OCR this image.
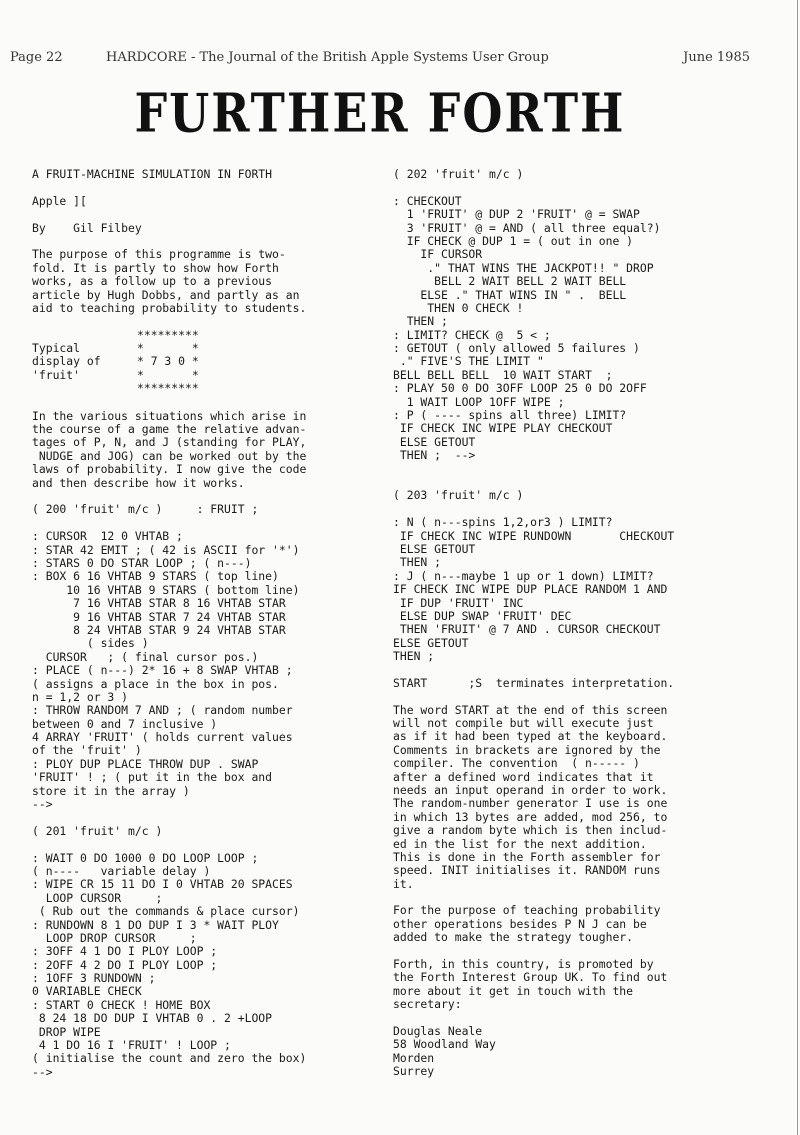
Page 22	HARDCORE - The Journal of the British Apple Systems User Group	June 1985
FURTHER FORTH
A FRUIT-MACHINE SIMULATION IN FORTH
Apple ][
By    Gil Filbey
The purpose of this programme is two-
fold. It is partly to show how Forth
works, as a follow up to a previous
article by Hugh Dobbs, and partly as an
aid to teaching probability to students.
Typical
display of
'fruit'
*********
*       *
* 7 3 0 *
*       *
*********
In the various situations which arise in
the course of a game the relative advan-
tages of P, N, and J (standing for PLAY,
NUDGE and JOG) can be worked out by the
laws of probability. I now give the code
and then describe how it works.
( 200 'fruit' m/c )     : FRUIT ;
: CURSOR  12 0 VHTAB ;
: STAR 42 EMIT ; ( 42 is ASCII for '*')
: STARS 0 DO STAR LOOP ; ( n---)
: BOX 6 16 VHTAB 9 STARS ( top line)
10 16 VHTAB 9 STARS ( bottom line)
7 16 VHTAB STAR 8 16 VHTAB STAR
9 16 VHTAB STAR 7 24 VHTAB STAR
8 24 VHTAB STAR 9 24 VHTAB STAR
( sides )
CURSOR   ; ( final cursor pos.)
: PLACE ( n---) 2* 16 + 8 SWAP VHTAB ;
( assigns a place in the box in pos.
n = 1,2 or 3 )
: THROW RANDOM 7 AND ; ( random number
between 0 and 7 inclusive )
4 ARRAY 'FRUIT' ( holds current values
of the 'fruit' )
: PLOY DUP PLACE THROW DUP . SWAP
'FRUIT' ! ; ( put it in the box and
store it in the array )
-->
( 201 'fruit' m/c )
: WAIT 0 DO 1000 0 DO LOOP LOOP ;
( n----   variable delay )
: WIPE CR 15 11 DO I 0 VHTAB 20 SPACES
LOOP CURSOR     ;
( Rub out the commands & place cursor)
: RUNDOWN 8 1 DO DUP I 3 * WAIT PLOY
LOOP DROP CURSOR     ;
: 3OFF 4 1 DO I PLOY LOOP ;
: 2OFF 4 2 DO I PLOY LOOP ;
: 1OFF 3 RUNDOWN ;
0 VARIABLE CHECK
: START 0 CHECK ! HOME BOX
8 24 18 DO DUP I VHTAB 0 . 2 +LOOP
DROP WIPE
4 1 DO 16 I 'FRUIT' ! LOOP ;
( initialise the count and zero the box)
-->
( 202 'fruit' m/c )
: CHECKOUT
1 'FRUIT' @ DUP 2 'FRUIT' @ = SWAP
3 'FRUIT' @ = AND ( all three equal?)
IF CHECK @ DUP 1 = ( out in one )
IF CURSOR
." THAT WINS THE JACKPOT!! " DROP
BELL 2 WAIT BELL 2 WAIT BELL
ELSE ." THAT WINS IN " .  BELL
THEN 0 CHECK !
THEN ;
: LIMIT? CHECK @  5 < ;
: GETOUT ( only allowed 5 failures )
." FIVE'S THE LIMIT "
BELL BELL BELL  10 WAIT START  ;
: PLAY 50 0 DO 3OFF LOOP 25 0 DO 2OFF
1 WAIT LOOP 1OFF WIPE ;
: P ( ---- spins all three) LIMIT?
IF CHECK INC WIPE PLAY CHECKOUT
ELSE GETOUT
THEN ;  -->
( 203 'fruit' m/c )
: N ( n---spins 1,2,or3 ) LIMIT?
IF CHECK INC WIPE RUNDOWN       CHECKOUT
ELSE GETOUT
THEN ;
: J ( n---maybe 1 up or 1 down) LIMIT?
IF CHECK INC WIPE DUP PLACE RANDOM 1 AND
IF DUP 'FRUIT' INC
ELSE DUP SWAP 'FRUIT' DEC
THEN 'FRUIT' @ 7 AND . CURSOR CHECKOUT
ELSE GETOUT
THEN ;
START      ;S  terminates interpretation.
The word START at the end of this screen
will not compile but will execute just
as if it had been typed at the keyboard.
Comments in brackets are ignored by the
compiler. The convention  ( n----- )
after a defined word indicates that it
needs an input operand in order to work.
The random-number generator I use is one
in which 13 bytes are added, mod 256, to
give a random byte which is then includ-
ed in the list for the next addition.
This is done in the Forth assembler for
speed. INIT initialises it. RANDOM runs
it.
For the purpose of teaching probability
other operations besides P N J can be
added to make the strategy tougher.
Forth, in this country, is promoted by
the Forth Interest Group UK. To find out
more about it get in touch with the
secretary:
Douglas Neale
58 Woodland Way
Morden
Surrey
